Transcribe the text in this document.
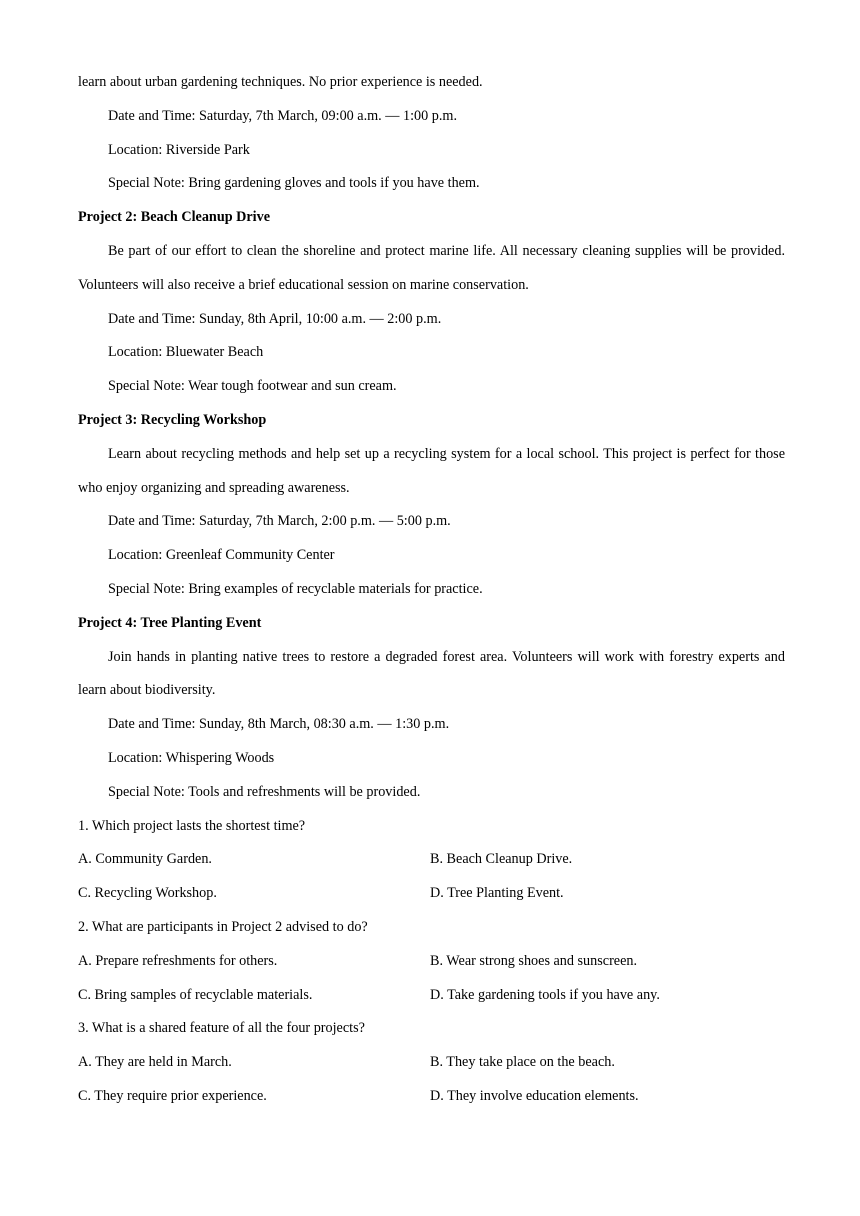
learn about urban gardening techniques. No prior experience is needed.

Date and Time: Saturday, 7th March, 09:00 a.m. — 1:00 p.m.

Location: Riverside Park

Special Note: Bring gardening gloves and tools if you have them.

Project 2: Beach Cleanup Drive

Be part of our effort to clean the shoreline and protect marine life. All necessary cleaning supplies will be provided. Volunteers will also receive a brief educational session on marine conservation.

Date and Time: Sunday, 8th April, 10:00 a.m. — 2:00 p.m.

Location: Bluewater Beach

Special Note: Wear tough footwear and sun cream.

Project 3: Recycling Workshop

Learn about recycling methods and help set up a recycling system for a local school. This project is perfect for those who enjoy organizing and spreading awareness.

Date and Time: Saturday, 7th March, 2:00 p.m. — 5:00 p.m.

Location: Greenleaf Community Center

Special Note: Bring examples of recyclable materials for practice.

Project 4: Tree Planting Event

Join hands in planting native trees to restore a degraded forest area. Volunteers will work with forestry experts and learn about biodiversity.

Date and Time: Sunday, 8th March, 08:30 a.m. — 1:30 p.m.

Location: Whispering Woods

Special Note: Tools and refreshments will be provided.

1. Which project lasts the shortest time?

A. Community Garden.	B. Beach Cleanup Drive.
C. Recycling Workshop.	D. Tree Planting Event.

2. What are participants in Project 2 advised to do?

A. Prepare refreshments for others.	B. Wear strong shoes and sunscreen.
C. Bring samples of recyclable materials.	D. Take gardening tools if you have any.

3. What is a shared feature of all the four projects?

A. They are held in March.	B. They take place on the beach.
C. They require prior experience.	D. They involve education elements.
